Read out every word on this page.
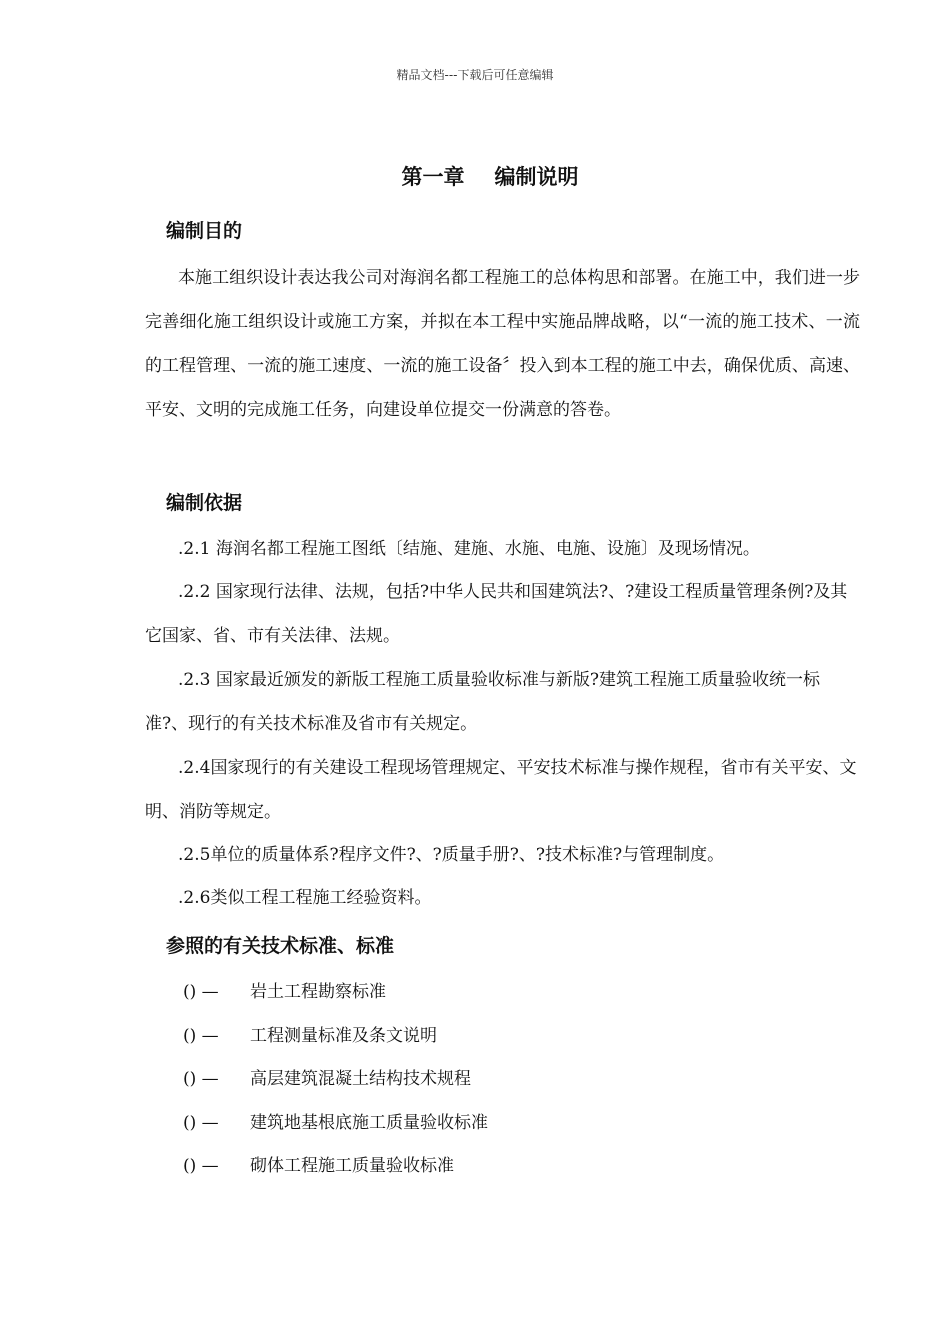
精品文档---下载后可任意编辑
第一章 编制说明
编制目的
本施工组织设计表达我公司对海润名都工程施工的总体构思和部署。在施工中，我们进一步完善细化施工组织设计或施工方案，并拟在本工程中实施品牌战略，以“一流的施工技术、一流的工程管理、一流的施工速度、一流的施工设备〞投入到本工程的施工中去，确保优质、高速、平安、文明的完成施工任务，向建设单位提交一份满意的答卷。
编制依据
.2.1 海润名都工程施工图纸〔结施、建施、水施、电施、设施〕及现场情况。
.2.2 国家现行法律、法规，包括?中华人民共和国建筑法?、?建设工程质量管理条例?及其它国家、省、市有关法律、法规。
.2.3 国家最近颁发的新版工程施工质量验收标准与新版?建筑工程施工质量验收统一标准?、现行的有关技术标准及省市有关规定。
.2.4国家现行的有关建设工程现场管理规定、平安技术标准与操作规程，省市有关平安、文明、消防等规定。
.2.5单位的质量体系?程序文件?、?质量手册?、?技术标准?与管理制度。
.2.6类似工程工程施工经验资料。
参照的有关技术标准、标准
() — 岩土工程勘察标准
() — 工程测量标准及条文说明
() — 高层建筑混凝土结构技术规程
() — 建筑地基根底施工质量验收标准
() — 砌体工程施工质量验收标准
